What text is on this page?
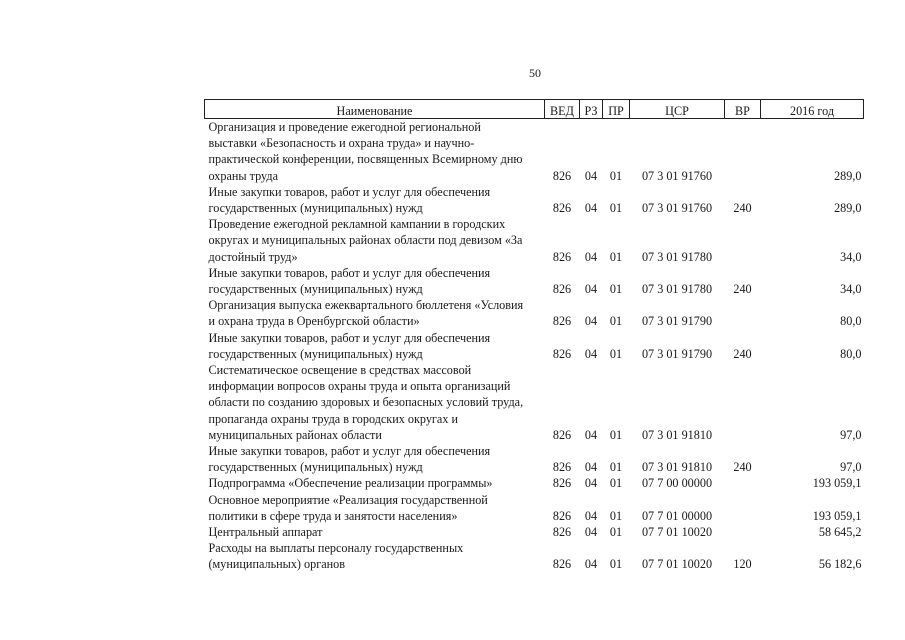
50
Наименование	ВЕД	РЗ	ПР	ЦСР	ВР	2016 год

Организация и проведение ежегодной региональной
выставки «Безопасность и охрана труда» и научно-
практической конференции, посвященных Всемирному дню
охраны труда	826	04	01	07 3 01 91760		289,0

Иные закупки товаров, работ и услуг для обеспечения
государственных (муниципальных) нужд	826	04	01	07 3 01 91760	240	289,0

Проведение ежегодной рекламной кампании в городских
округах и муниципальных районах области под девизом «За
достойный труд»	826	04	01	07 3 01 91780		34,0

Иные закупки товаров, работ и услуг для обеспечения
государственных (муниципальных) нужд	826	04	01	07 3 01 91780	240	34,0

Организация выпуска ежеквартального бюллетеня «Условия
и охрана труда в Оренбургской области»	826	04	01	07 3 01 91790		80,0

Иные закупки товаров, работ и услуг для обеспечения
государственных (муниципальных) нужд	826	04	01	07 3 01 91790	240	80,0

Систематическое освещение в средствах массовой
информации вопросов охраны труда и опыта организаций
области по созданию здоровых и безопасных условий труда,
пропаганда охраны труда в городских округах и
муниципальных районах области	826	04	01	07 3 01 91810		97,0

Иные закупки товаров, работ и услуг для обеспечения
государственных (муниципальных) нужд	826	04	01	07 3 01 91810	240	97,0

Подпрограмма «Обеспечение реализации программы»	826	04	01	07 7 00 00000		193 059,1

Основное мероприятие «Реализация государственной
политики в сфере труда и занятости населения»	826	04	01	07 7 01 00000		193 059,1

Центральный аппарат	826	04	01	07 7 01 10020		58 645,2

Расходы на выплаты персоналу государственных
(муниципальных) органов	826	04	01	07 7 01 10020	120	56 182,6
